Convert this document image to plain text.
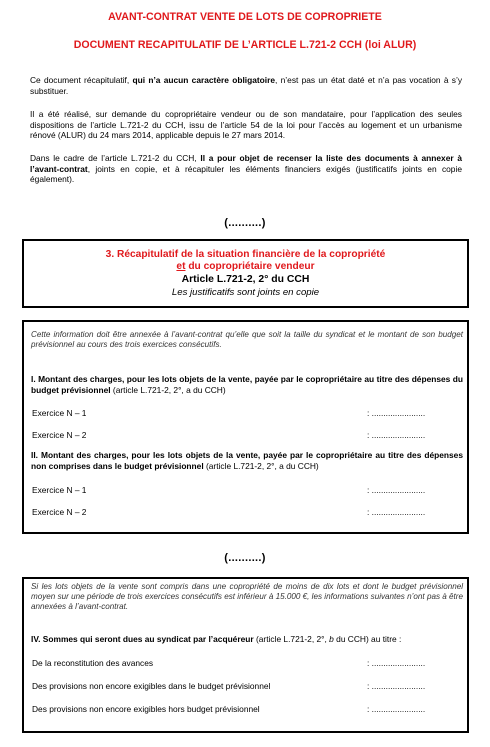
AVANT-CONTRAT VENTE DE LOTS DE COPROPRIETE
DOCUMENT RECAPITULATIF DE L’ARTICLE L.721-2 CCH (loi ALUR)
Ce document récapitulatif, qui n’a aucun caractère obligatoire, n’est pas un état daté et n’a pas vocation à s’y substituer.
Il a été réalisé, sur demande du copropriétaire vendeur ou de son mandataire, pour l’application des seules dispositions de l’article L.721-2 du CCH, issu de l’article 54 de la loi pour l’accès au logement et un urbanisme rénové (ALUR) du 24 mars 2014, applicable depuis le 27 mars 2014.
Dans le cadre de l’article L.721-2 du CCH, Il a pour objet de recenser la liste des documents à annexer à l’avant-contrat, joints en copie, et à récapituler les éléments financiers exigés (justificatifs joints en copie également).
(..........)
3. Récapitulatif de la situation financière de la copropriété
et du copropriétaire vendeur
Article L.721-2, 2° du CCH
Les justificatifs sont joints en copie
Cette information doit être annexée à l’avant-contrat qu’elle que soit la taille du syndicat et le montant de son budget prévisionnel au cours des trois exercices consécutifs.
I. Montant des charges, pour les lots objets de la vente, payée par le copropriétaire au titre des dépenses du budget prévisionnel (article L.721-2, 2°, a du CCH)
Exercice N – 1	: .......................
Exercice N – 2	: .......................
II. Montant des charges, pour les lots objets de la vente, payée par le copropriétaire au titre des dépenses non comprises dans le budget prévisionnel (article L.721-2, 2°, a du CCH)
Exercice N – 1	: .......................
Exercice N – 2	: .......................
(..........)
Si les lots objets de la vente sont compris dans une copropriété de moins de dix lots et dont le budget prévisionnel moyen sur une période de trois exercices consécutifs est inférieur à 15.000 €, les informations suivantes n’ont pas à être annexées à l’avant-contrat.
IV. Sommes qui seront dues au syndicat par l’acquéreur (article L.721-2, 2°, b du CCH) au titre :
De la reconstitution des avances	: .......................
Des provisions non encore exigibles dans le budget prévisionnel	: .......................
Des provisions non encore exigibles hors budget prévisionnel	: .......................
